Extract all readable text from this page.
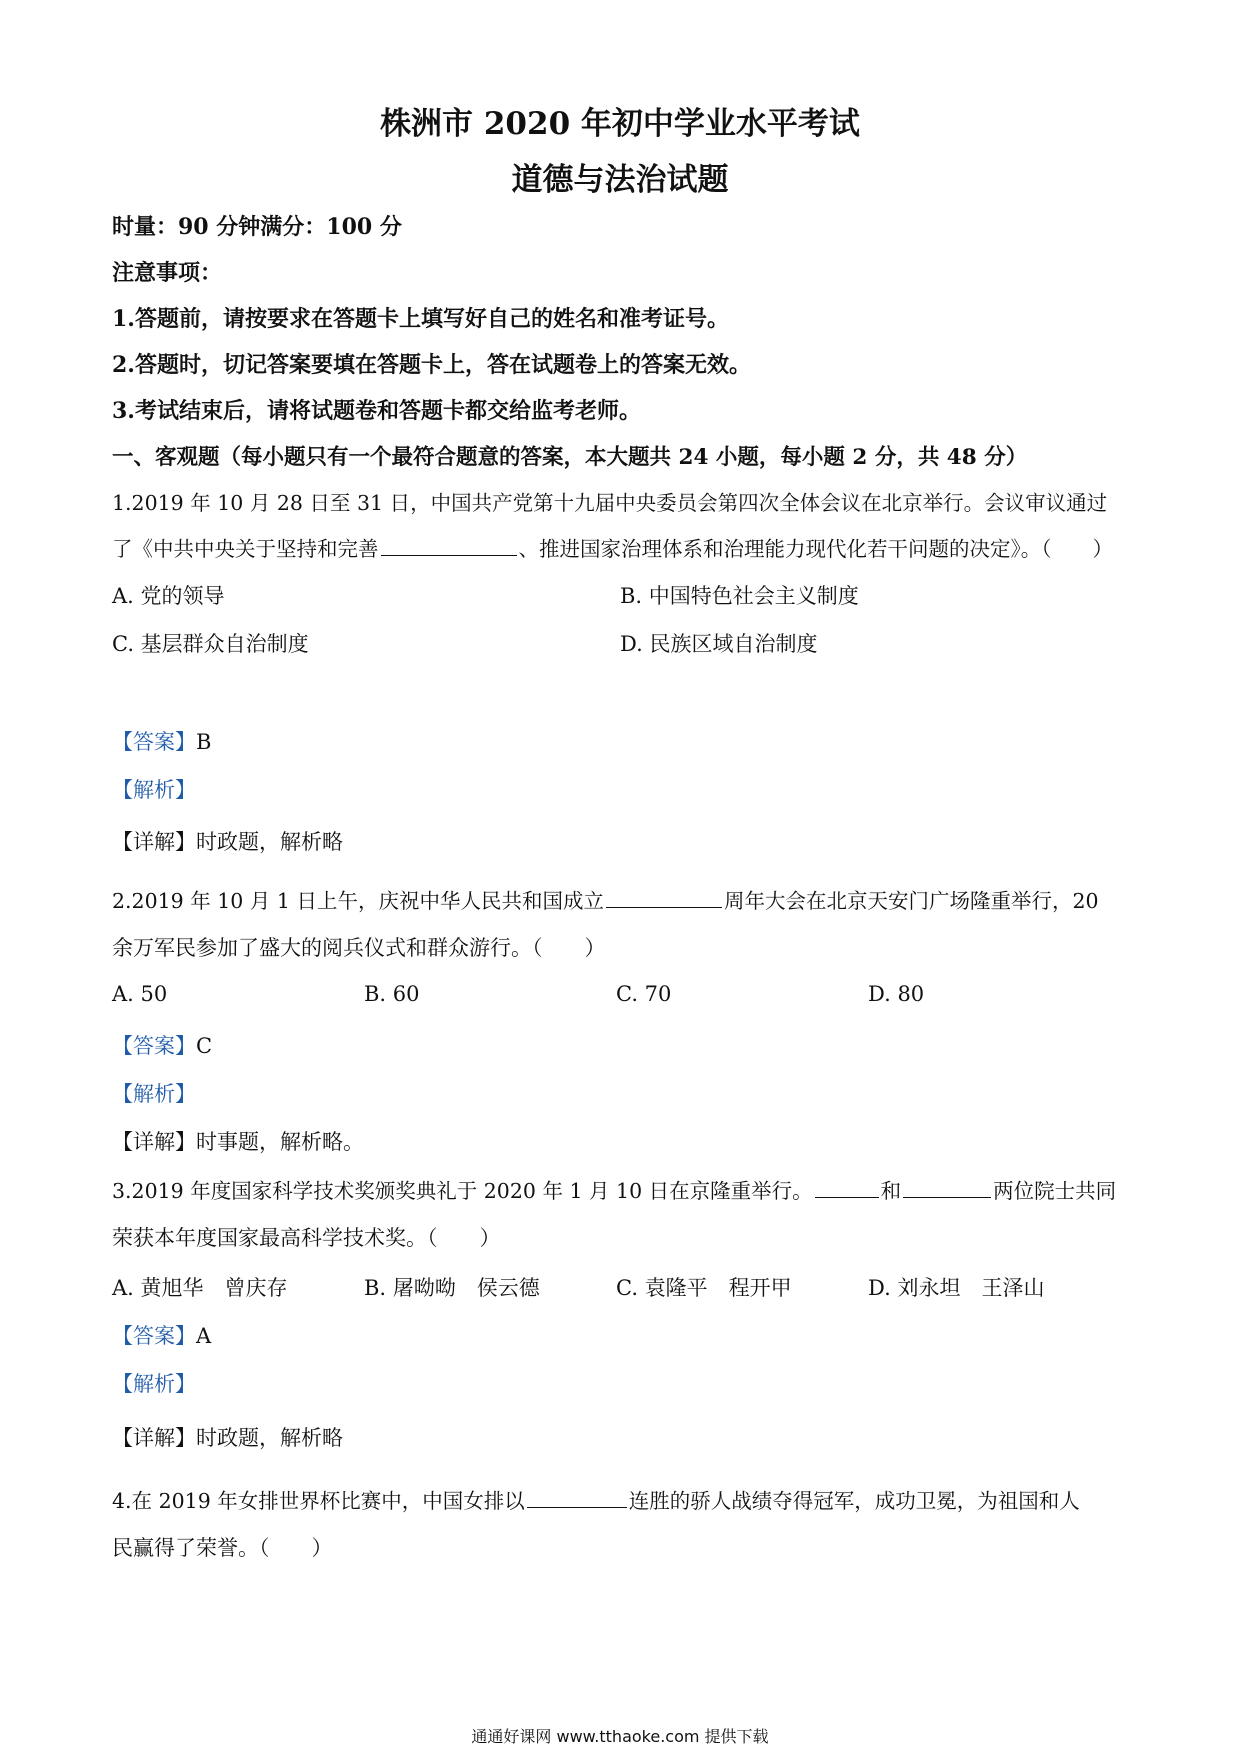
株洲市 2020 年初中学业水平考试
道德与法治试题
时量：90 分钟满分：100 分
注意事项：
1.答题前，请按要求在答题卡上填写好自己的姓名和准考证号。
2.答题时，切记答案要填在答题卡上，答在试题卷上的答案无效。
3.考试结束后，请将试题卷和答题卡都交给监考老师。
一、客观题（每小题只有一个最符合题意的答案，本大题共 24 小题，每小题 2 分，共 48 分）
1.2019 年 10 月 28 日至 31 日，中国共产党第十九届中央委员会第四次全体会议在北京举行。会议审议通过
了《中共中央关于坚持和完善	、推进国家治理体系和治理能力现代化若干问题的决定》。（　　）
A. 党的领导	B. 中国特色社会主义制度
C. 基层群众自治制度	D. 民族区域自治制度
【答案】B
【解析】
【详解】时政题，解析略
2.2019 年 10 月 1 日上午，庆祝中华人民共和国成立	周年大会在北京天安门广场隆重举行，20
余万军民参加了盛大的阅兵仪式和群众游行。（　　）
A. 50	B. 60	C. 70	D. 80
【答案】C
【解析】
【详解】时事题，解析略。
3.2019 年度国家科学技术奖颁奖典礼于 2020 年 1 月 10 日在京隆重举行。	和	两位院士共同
荣获本年度国家最高科学技术奖。（　　）
A. 黄旭华　曾庆存	B. 屠呦呦　侯云德	C. 袁隆平　程开甲	D. 刘永坦　王泽山
【答案】A
【解析】
【详解】时政题，解析略
4.在 2019 年女排世界杯比赛中，中国女排以	连胜的骄人战绩夺得冠军，成功卫冕，为祖国和人
民赢得了荣誉。（　　）
通通好课网 www.tthaoke.com 提供下载
